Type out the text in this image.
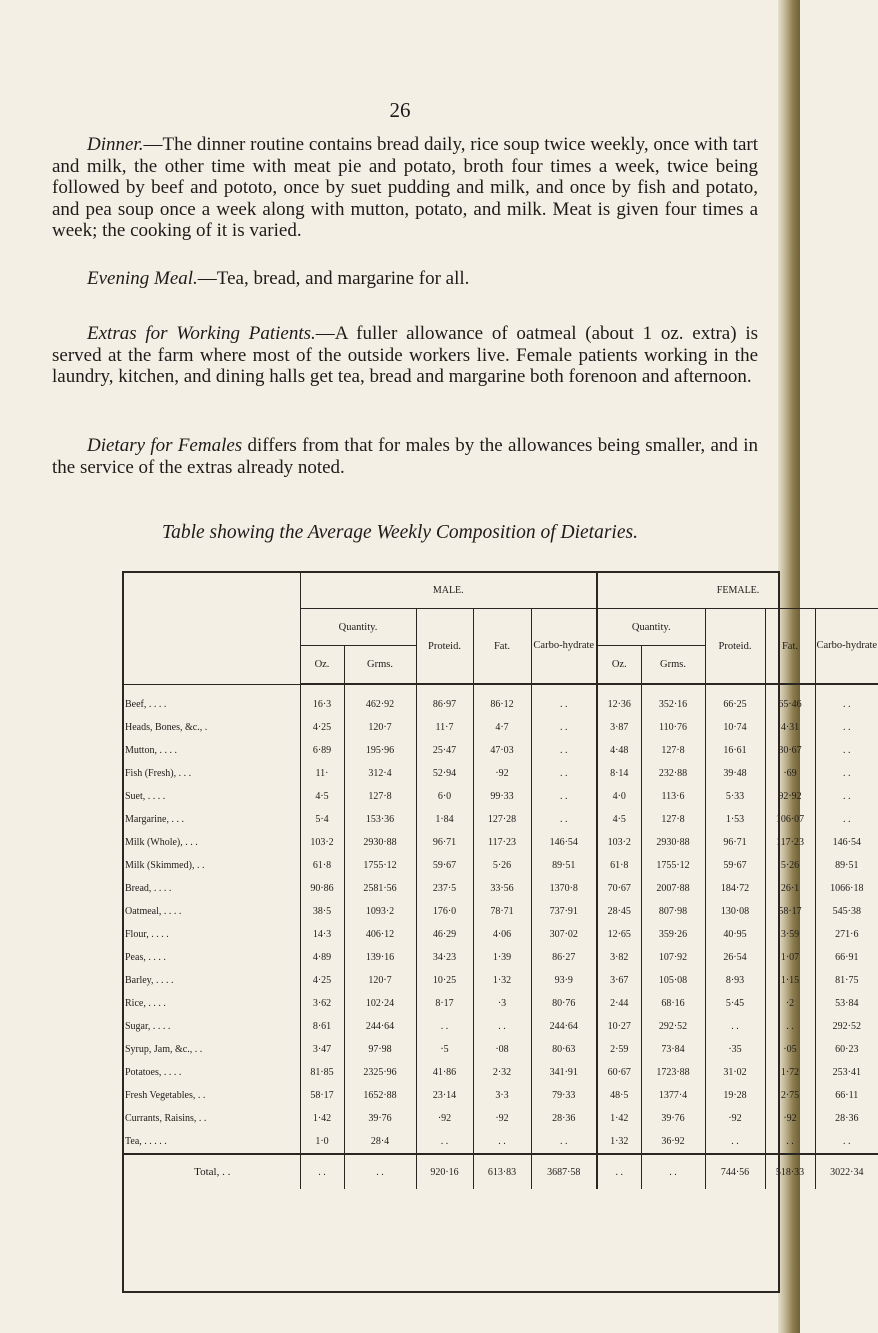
26

Dinner.—The dinner routine contains bread daily, rice soup twice weekly, once with tart and milk, the other time with meat pie and potato, broth four times a week, twice being followed by beef and pototo, once by suet pudding and milk, and once by fish and potato, and pea soup once a week along with mutton, potato, and milk. Meat is given four times a week; the cooking of it is varied.

Evening Meal.—Tea, bread, and margarine for all.

Extras for Working Patients.—A fuller allowance of oatmeal (about 1 oz. extra) is served at the farm where most of the outside workers live. Female patients working in the laundry, kitchen, and dining halls get tea, bread and margarine both forenoon and afternoon.

Dietary for Females differs from that for males by the allowances being smaller, and in the service of the extras already noted.

Table showing the Average Weekly Composition of Dietaries.
	MALE.					FEMALE.				
	Quantity.		Proteid.	Fat.	Carbo-hydrate	Quantity.		Proteid.	Fat.	Carbo-hydrate
	Oz.	Grms.				Oz.	Grms.			
Beef, . . . .	16·3	462·92	86·97	86·12	. .	12·36	352·16	66·25	65·46	. .
Heads, Bones, &c., .	4·25	120·7	11·7	4·7	. .	3·87	110·76	10·74	4·31	. .
Mutton, . . . .	6·89	195·96	25·47	47·03	. .	4·48	127·8	16·61	30·67	. .
Fish (Fresh), . . .	11·	312·4	52·94	·92	. .	8·14	232·88	39·48	·69	. .
Suet, . . . .	4·5	127·8	6·0	99·33	. .	4·0	113·6	5·33	92·92	. .
Margarine, . . .	5·4	153·36	1·84	127·28	. .	4·5	127·8	1·53	106·07	. .
Milk (Whole), . . .	103·2	2930·88	96·71	117·23	146·54	103·2	2930·88	96·71	117·23	146·54
Milk (Skimmed), . .	61·8	1755·12	59·67	5·26	89·51	61·8	1755·12	59·67	5·26	89·51
Bread, . . . .	90·86	2581·56	237·5	33·56	1370·8	70·67	2007·88	184·72	26·1	1066·18
Oatmeal, . . . .	38·5	1093·2	176·0	78·71	737·91	28·45	807·98	130·08	58·17	545·38
Flour, . . . .	14·3	406·12	46·29	4·06	307·02	12·65	359·26	40·95	3·59	271·6
Peas, . . . .	4·89	139·16	34·23	1·39	86·27	3·82	107·92	26·54	1·07	66·91
Barley, . . . .	4·25	120·7	10·25	1·32	93·9	3·67	105·08	8·93	1·15	81·75
Rice, . . . .	3·62	102·24	8·17	·3	80·76	2·44	68·16	5·45	·2	53·84
Sugar, . . . .	8·61	244·64	. .	. .	244·64	10·27	292·52	. .	. .	292·52
Syrup, Jam, &c., . .	3·47	97·98	·5	·08	80·63	2·59	73·84	·35	·05	60·23
Potatoes, . . . .	81·85	2325·96	41·86	2·32	341·91	60·67	1723·88	31·02	1·72	253·41
Fresh Vegetables, . .	58·17	1652·88	23·14	3·3	79·33	48·5	1377·4	19·28	2·75	66·11
Currants, Raisins, . .	1·42	39·76	·92	·92	28·36	1·42	39·76	·92	·92	28·36
Tea, . . . . .	1·0	28·4	. .	. .	. .	1·32	36·92	. .	. .	. .
Total, . .	. .	. .	920·16	613·83	3687·58	. .	. .	744·56	518·33	3022·34
